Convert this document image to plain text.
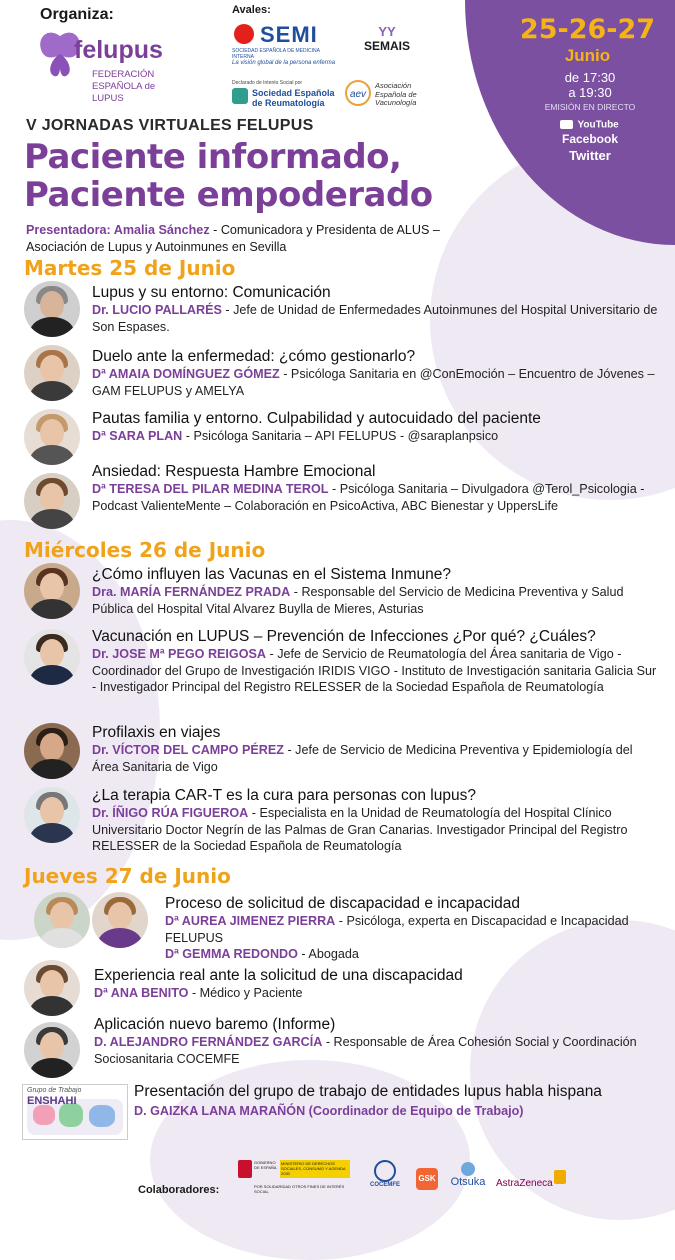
Organiza:
felupus
FEDERACIÓN
ESPAÑOLA de
LUPUS
Avales:
SEMI
SOCIEDAD ESPAÑOLA DE MEDICINA INTERNA
La visión global de la persona enferma
ΥΥ
SEMAIS
Declarado de Interés Social por
Sociedad Española de Reumatología
aev
Asociación Española de Vacunología
25-26-27
Junio
de 17:30
a 19:30
EMISIÓN EN DIRECTO
YouTube
Facebook
Twitter
V JORNADAS VIRTUALES FELUPUS
Paciente informado,
Paciente empoderado
Presentadora: Amalia Sánchez - Comunicadora y Presidenta de ALUS –
Asociación de Lupus y Autoinmunes en Sevilla
Martes 25 de Junio
Lupus y su entorno: Comunicación
Dr. LUCIO PALLARÉS - Jefe de Unidad de Enfermedades Autoinmunes del Hospital Universitario de Son Espases.
Duelo ante la enfermedad: ¿cómo gestionarlo?
Dª AMAIA DOMÍNGUEZ GÓMEZ - Psicóloga Sanitaria en @ConEmoción – Encuentro de Jóvenes – GAM FELUPUS y AMELYA
Pautas familia y entorno. Culpabilidad y autocuidado del paciente
Dª SARA PLAN - Psicóloga Sanitaria – API FELUPUS - @saraplanpsico
Ansiedad: Respuesta Hambre Emocional
Dª TERESA DEL PILAR MEDINA TEROL - Psicóloga Sanitaria – Divulgadora @Terol_Psicologia - Podcast ValienteMente – Colaboración en PsicoActiva, ABC Bienestar y UppersLife
Miércoles 26 de Junio
¿Cómo influyen las Vacunas en el Sistema Inmune?
Dra. MARÍA FERNÁNDEZ PRADA - Responsable del Servicio de Medicina Preventiva y Salud Pública del Hospital Vital Alvarez Buylla de Mieres, Asturias
Vacunación en LUPUS – Prevención de Infecciones ¿Por qué? ¿Cuáles?
Dr. JOSE Mª PEGO REIGOSA - Jefe de Servicio de Reumatología del Área sanitaria de Vigo - Coordinador del Grupo de Investigación IRIDIS VIGO - Instituto de Investigación sanitaria Galicia Sur - Investigador Principal del Registro RELESSER de la Sociedad Española de Reumatología
Profilaxis en viajes
Dr. VÍCTOR DEL CAMPO PÉREZ - Jefe de Servicio de Medicina Preventiva y Epidemiología del Área Sanitaria de Vigo
¿La terapia CAR-T es la cura para personas con lupus?
Dr. ÍÑIGO RÚA FIGUEROA - Especialista en la Unidad de Reumatología del Hospital Clínico Universitario Doctor Negrín de las Palmas de Gran Canarias. Investigador Principal del Registro RELESSER de la Sociedad Española de Reumatología
Jueves 27 de Junio
Proceso de solicitud de discapacidad e incapacidad
Dª AUREA JIMENEZ PIERRA - Psicóloga, experta en Discapacidad e Incapacidad FELUPUS
Dª GEMMA REDONDO - Abogada
Experiencia real ante la solicitud de una discapacidad
Dª ANA BENITO - Médico y Paciente
Aplicación nuevo baremo (Informe)
D. ALEJANDRO FERNÁNDEZ GARCÍA - Responsable de Área Cohesión Social y Coordinación Sociosanitaria COCEMFE
Grupo de Trabajo
ENSHAHI
Presentación del grupo de trabajo de entidades lupus habla hispana
D. GAIZKA LANA MARAÑÓN (Coordinador de Equipo de Trabajo)
Colaboradores:
GOBIERNO DE ESPAÑA
MINISTERIO DE DERECHOS SOCIALES, CONSUMO Y AGENDA 2030
POR SOLIDARIDAD OTROS FINES DE INTERÉS SOCIAL
COCEMFE
GSK Otsuka AstraZeneca
